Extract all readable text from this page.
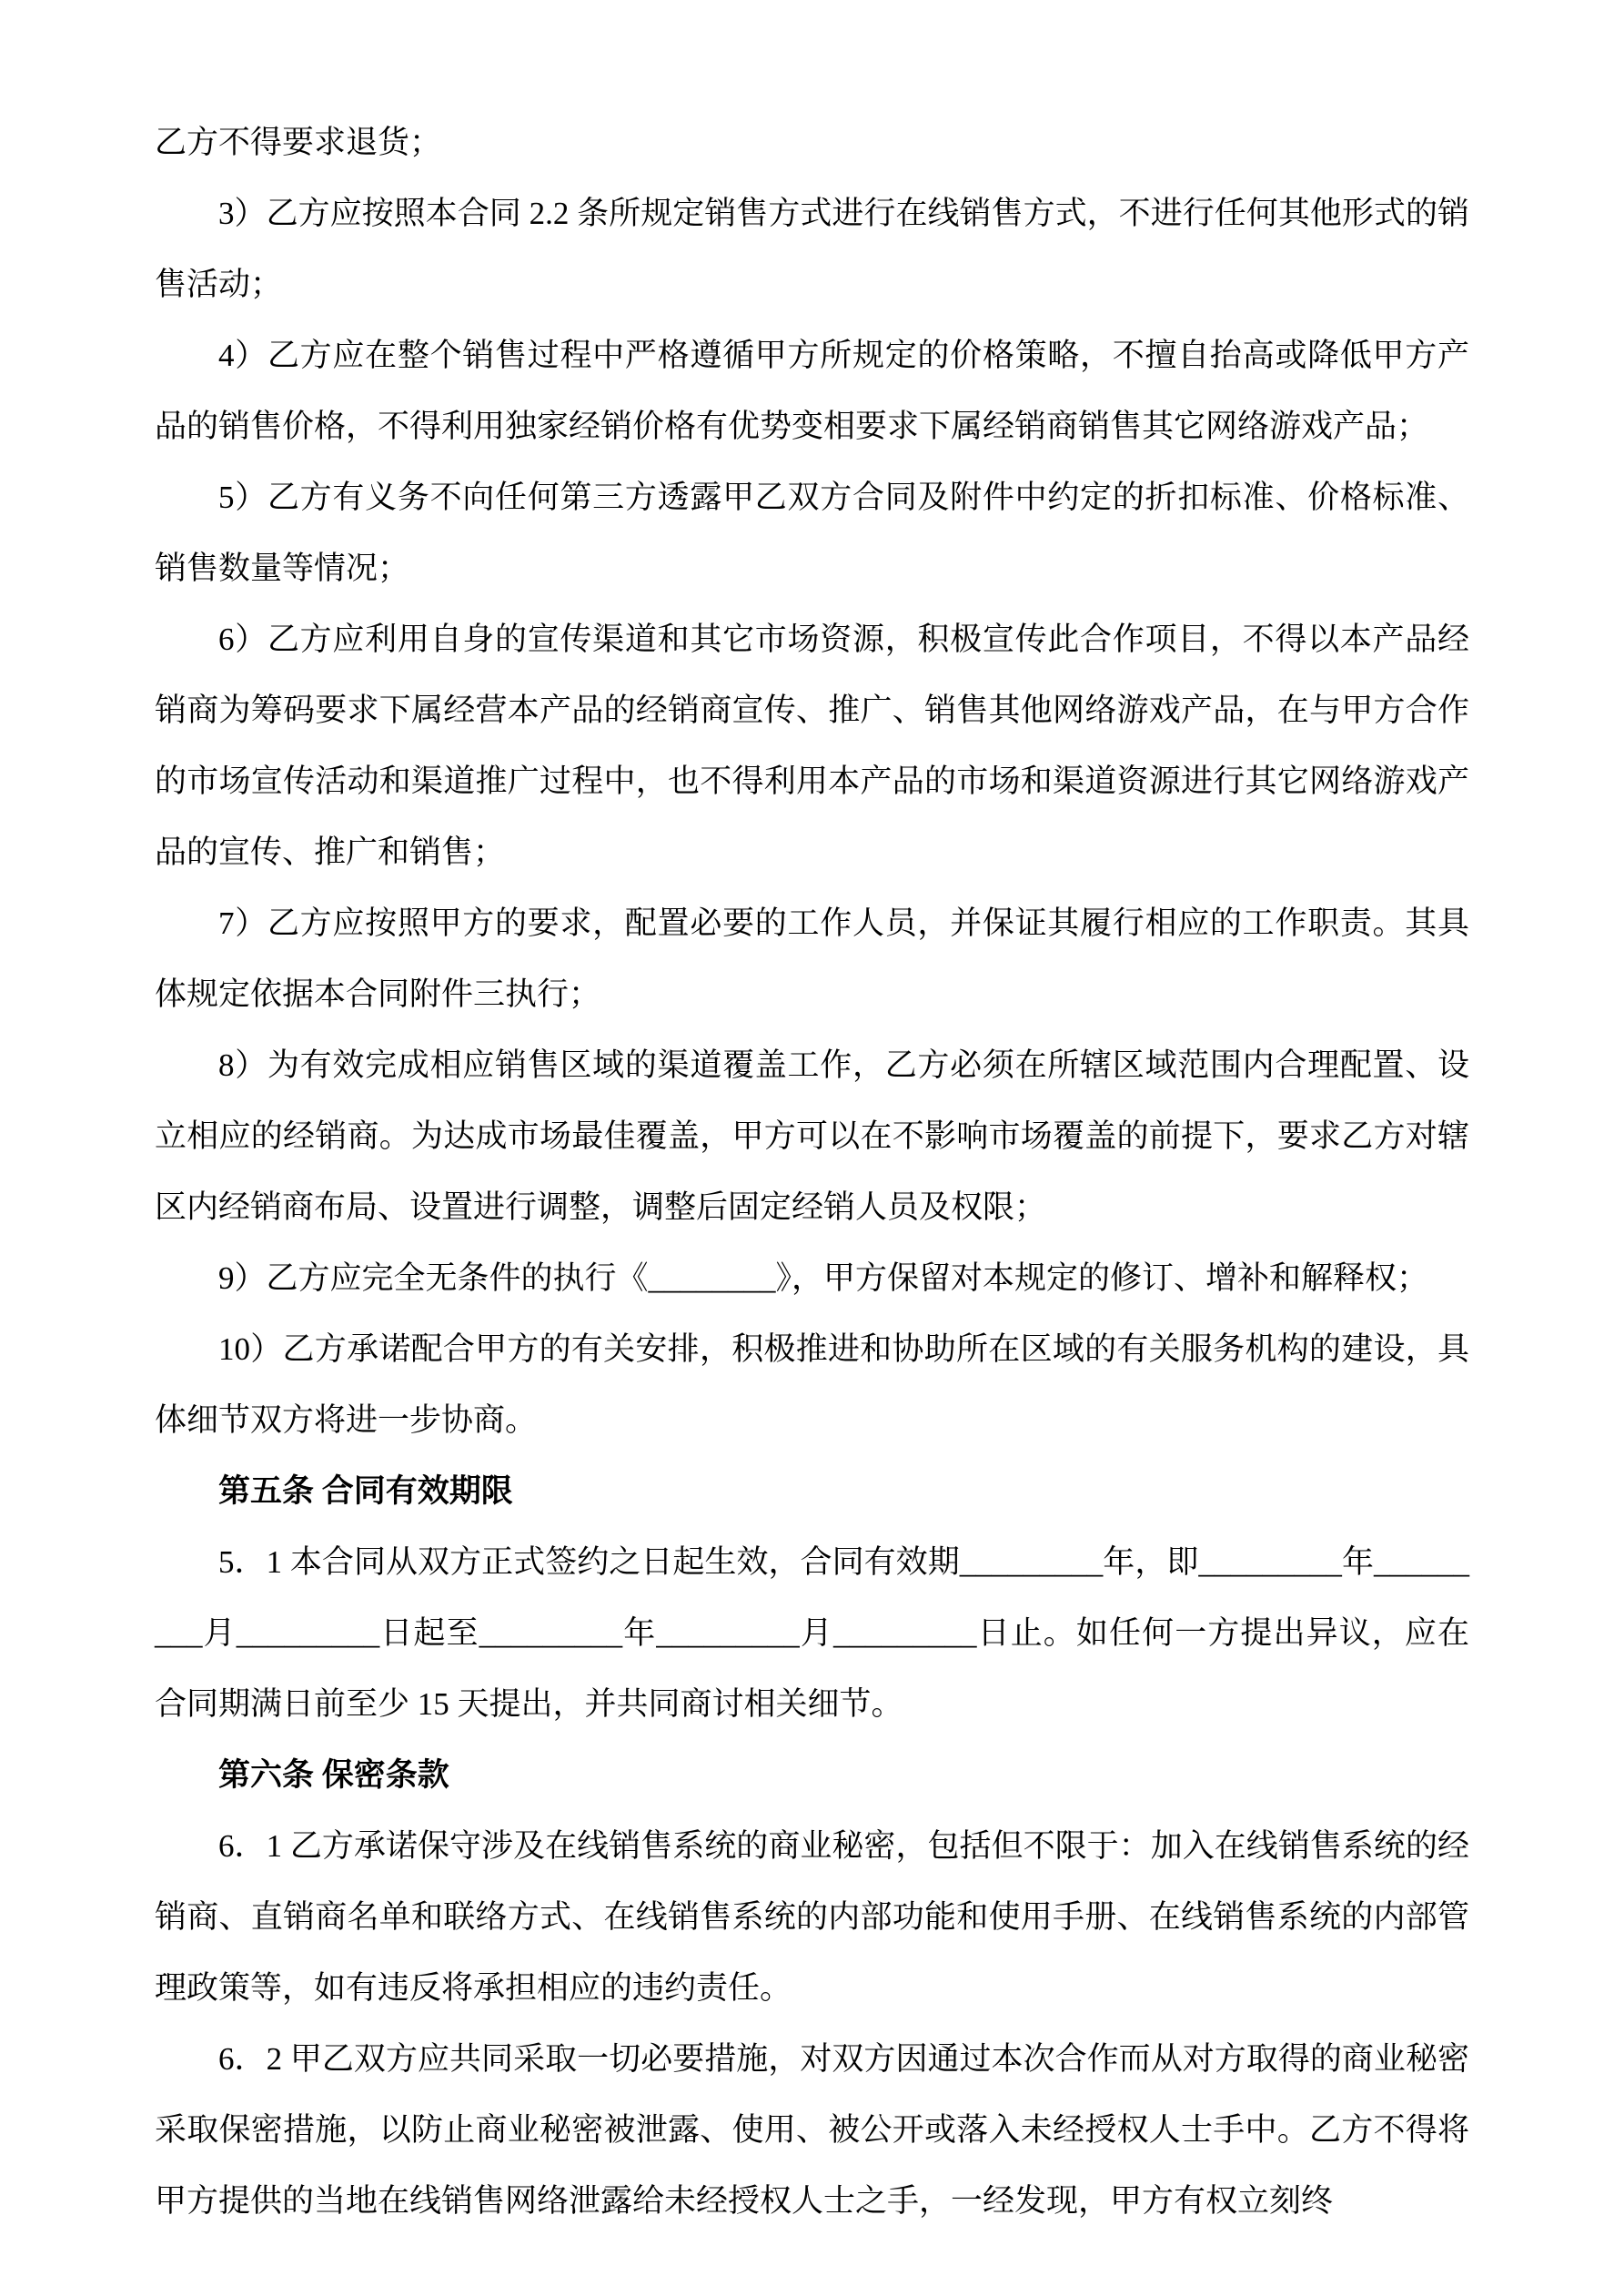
乙方不得要求退货；

3）乙方应按照本合同 2.2 条所规定销售方式进行在线销售方式，不进行任何其他形式的销售活动；

4）乙方应在整个销售过程中严格遵循甲方所规定的价格策略，不擅自抬高或降低甲方产品的销售价格，不得利用独家经销价格有优势变相要求下属经销商销售其它网络游戏产品；

5）乙方有义务不向任何第三方透露甲乙双方合同及附件中约定的折扣标准、价格标准、销售数量等情况；

6）乙方应利用自身的宣传渠道和其它市场资源，积极宣传此合作项目，不得以本产品经销商为筹码要求下属经营本产品的经销商宣传、推广、销售其他网络游戏产品，在与甲方合作的市场宣传活动和渠道推广过程中，也不得利用本产品的市场和渠道资源进行其它网络游戏产品的宣传、推广和销售；

7）乙方应按照甲方的要求，配置必要的工作人员，并保证其履行相应的工作职责。其具体规定依据本合同附件三执行；

8）为有效完成相应销售区域的渠道覆盖工作，乙方必须在所辖区域范围内合理配置、设立相应的经销商。为达成市场最佳覆盖，甲方可以在不影响市场覆盖的前提下，要求乙方对辖区内经销商布局、设置进行调整，调整后固定经销人员及权限；

9）乙方应完全无条件的执行《________》，甲方保留对本规定的修订、增补和解释权；

10）乙方承诺配合甲方的有关安排，积极推进和协助所在区域的有关服务机构的建设，具体细节双方将进一步协商。

第五条 合同有效期限

5．1 本合同从双方正式签约之日起生效，合同有效期_________年，即_________年_________月_________日起至_________年_________月_________日止。如任何一方提出异议，应在合同期满日前至少 15 天提出，并共同商讨相关细节。

第六条 保密条款

6．1 乙方承诺保守涉及在线销售系统的商业秘密，包括但不限于：加入在线销售系统的经销商、直销商名单和联络方式、在线销售系统的内部功能和使用手册、在线销售系统的内部管理政策等，如有违反将承担相应的违约责任。

6．2 甲乙双方应共同采取一切必要措施，对双方因通过本次合作而从对方取得的商业秘密采取保密措施，以防止商业秘密被泄露、使用、被公开或落入未经授权人士手中。乙方不得将甲方提供的当地在线销售网络泄露给未经授权人士之手，一经发现，甲方有权立刻终
